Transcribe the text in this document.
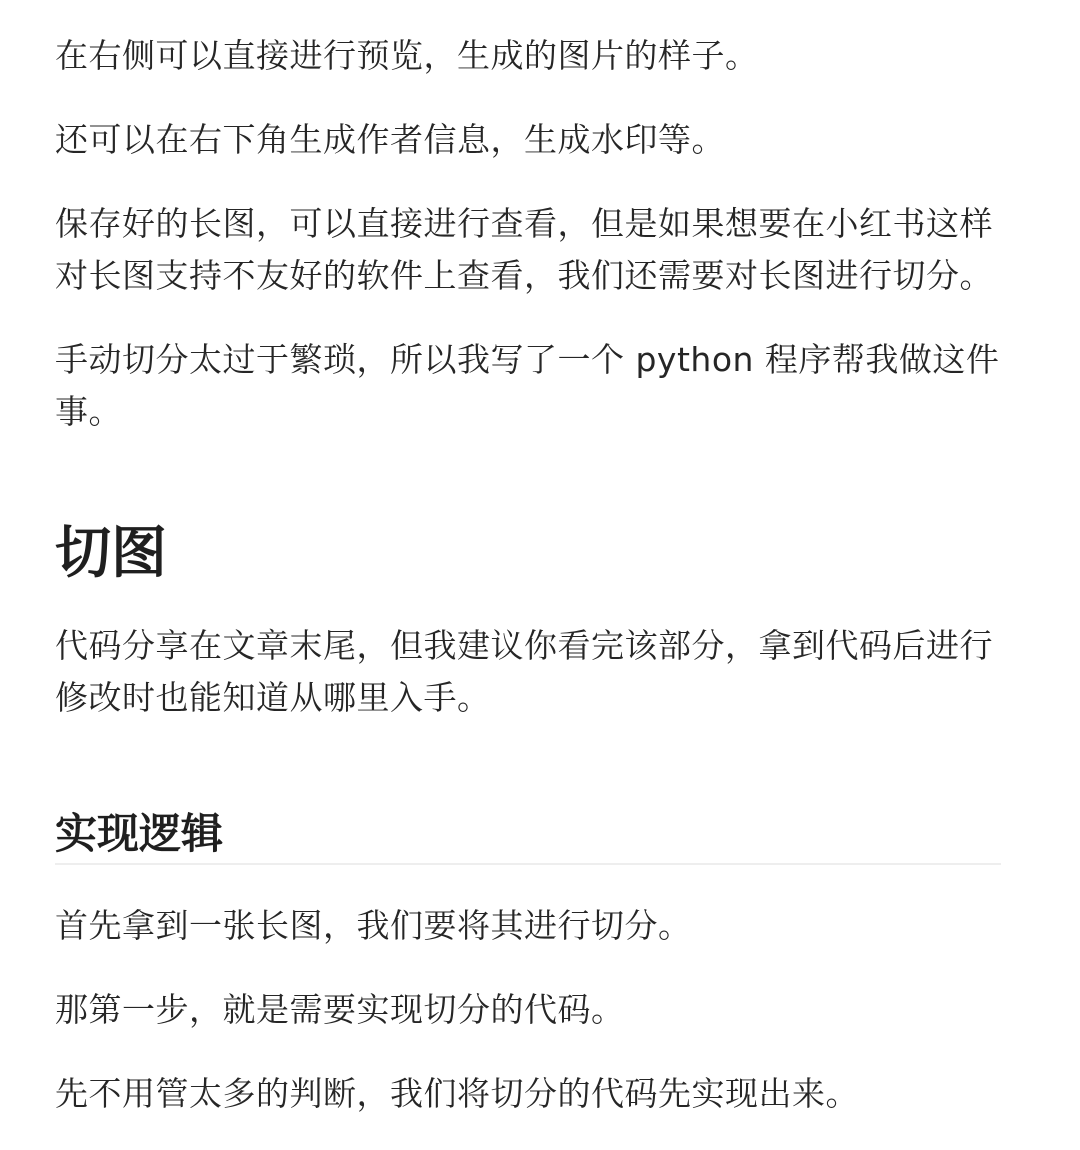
在右侧可以直接进行预览，生成的图片的样子。

还可以在右下角生成作者信息，生成水印等。

保存好的长图，可以直接进行查看，但是如果想要在小红书这样对长图支持不友好的软件上查看，我们还需要对长图进行切分。

手动切分太过于繁琐，所以我写了一个 python 程序帮我做这件事。

切图

代码分享在文章末尾，但我建议你看完该部分，拿到代码后进行修改时也能知道从哪里入手。

实现逻辑

首先拿到一张长图，我们要将其进行切分。

那第一步，就是需要实现切分的代码。

先不用管太多的判断，我们将切分的代码先实现出来。
